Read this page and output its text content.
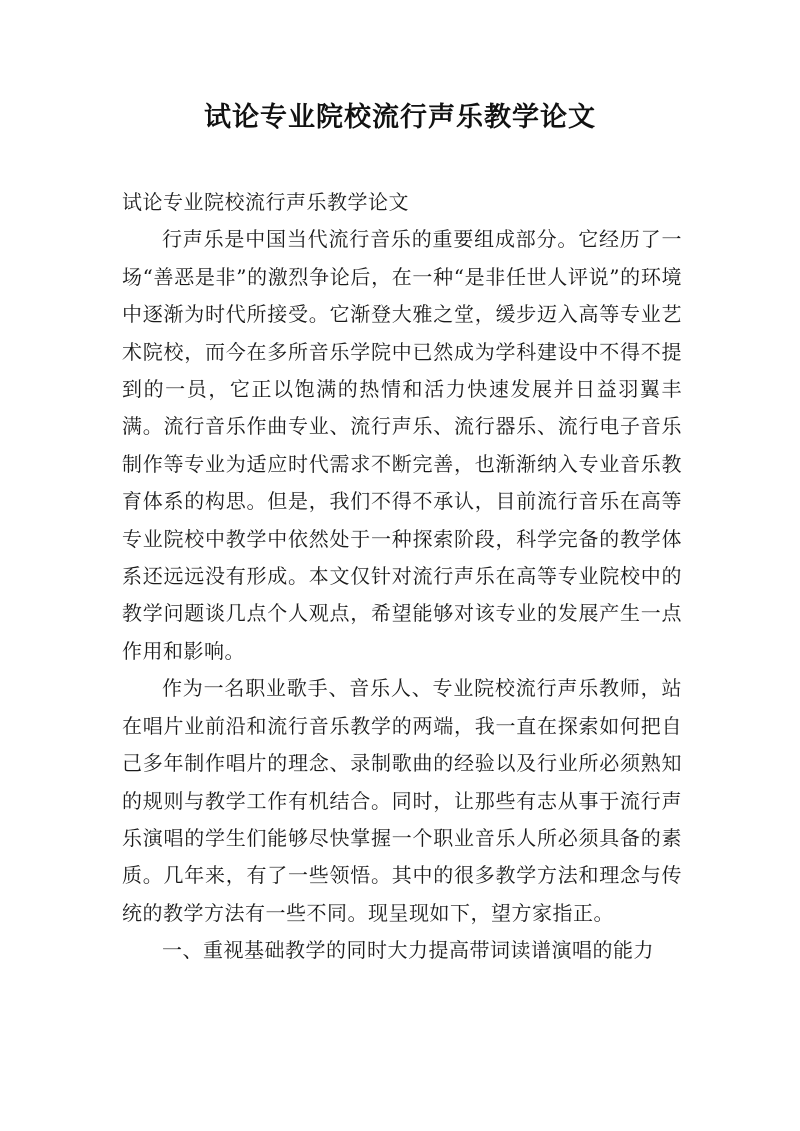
试论专业院校流行声乐教学论文

试论专业院校流行声乐教学论文

行声乐是中国当代流行音乐的重要组成部分。它经历了一场“善恶是非”的激烈争论后，在一种“是非任世人评说”的环境中逐渐为时代所接受。它渐登大雅之堂，缓步迈入高等专业艺术院校，而今在多所音乐学院中已然成为学科建设中不得不提到的一员，它正以饱满的热情和活力快速发展并日益羽翼丰满。流行音乐作曲专业、流行声乐、流行器乐、流行电子音乐制作等专业为适应时代需求不断完善，也渐渐纳入专业音乐教育体系的构思。但是，我们不得不承认，目前流行音乐在高等专业院校中教学中依然处于一种探索阶段，科学完备的教学体系还远远没有形成。本文仅针对流行声乐在高等专业院校中的教学问题谈几点个人观点，希望能够对该专业的发展产生一点作用和影响。

作为一名职业歌手、音乐人、专业院校流行声乐教师，站在唱片业前沿和流行音乐教学的两端，我一直在探索如何把自己多年制作唱片的理念、录制歌曲的经验以及行业所必须熟知的规则与教学工作有机结合。同时，让那些有志从事于流行声乐演唱的学生们能够尽快掌握一个职业音乐人所必须具备的素质。几年来，有了一些领悟。其中的很多教学方法和理念与传统的教学方法有一些不同。现呈现如下，望方家指正。

一、重视基础教学的同时大力提高带词读谱演唱的能力
